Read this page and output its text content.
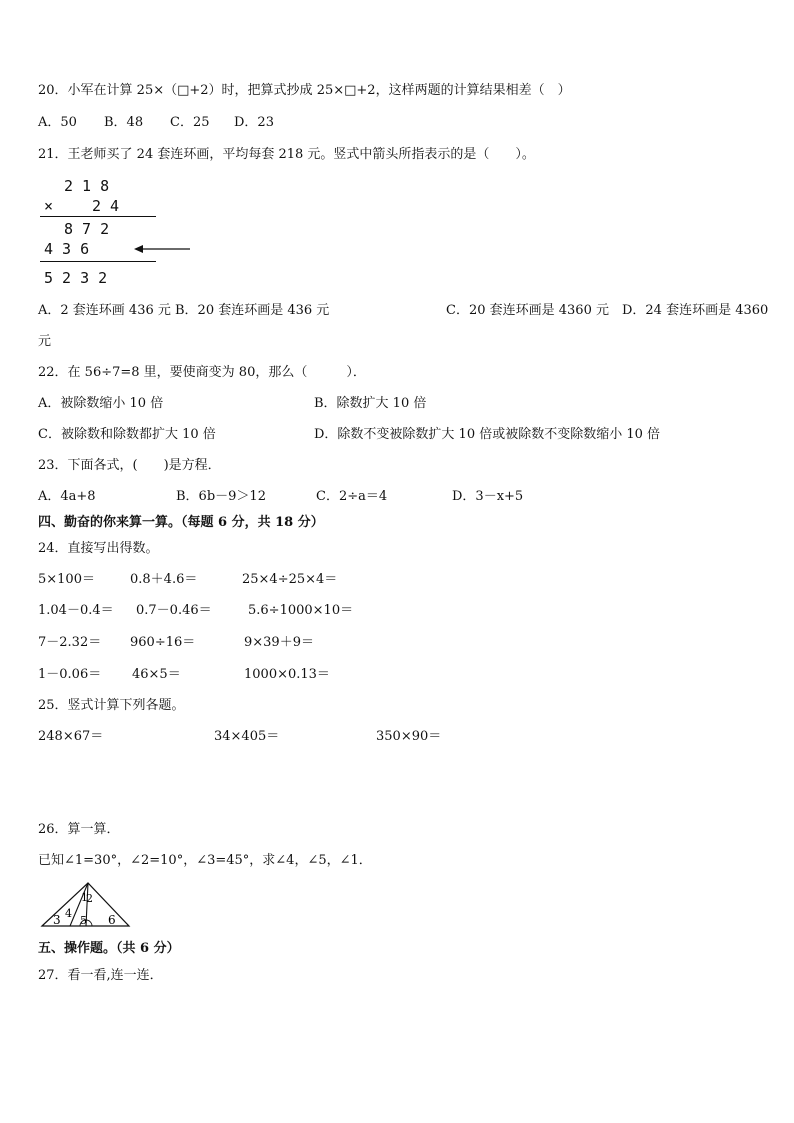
20．小军在计算 25×（□+2）时，把算式抄成 25×□+2，这样两题的计算结果相差（　）
A．50 B．48 C．25 D．23
21．王老师买了 24 套连环画，平均每套 218 元。竖式中箭头所指表示的是（　　）。
2 1 8
×	2 4
8 7 2
4 3 6
5 2 3 2
A．2 套连环画 436 元 B．20 套连环画是 436 元	C．20 套连环画是 4360 元　D．24 套连环画是 4360
元
22．在 56÷7=8 里，要使商变为 80，那么（　　　）．
A．被除数缩小 10 倍	B．除数扩大 10 倍
C．被除数和除数都扩大 10 倍	D．除数不变被除数扩大 10 倍或被除数不变除数缩小 10 倍
23．下面各式，(　　)是方程．
A．4a+8	B．6b－9＞12	C．2÷a＝4	D．3－x+5
四、勤奋的你来算一算。（每题 6 分，共 18 分）
24．直接写出得数。
5×100＝	0.8＋4.6＝	25×4÷25×4＝
1.04－0.4＝ 0.7－0.46＝	5.6÷1000×10＝
7－2.32＝ 960÷16＝	9×39＋9＝
1－0.06＝ 46×5＝	1000×0.13＝
25．竖式计算下列各题。
248×67＝	34×405＝	350×90＝
26．算一算．
已知∠1=30°，∠2=10°，∠3=45°，求∠4，∠5，∠1．
1
2
3 4
5 6
五、操作题。（共 6 分）
27．看一看,连一连．
